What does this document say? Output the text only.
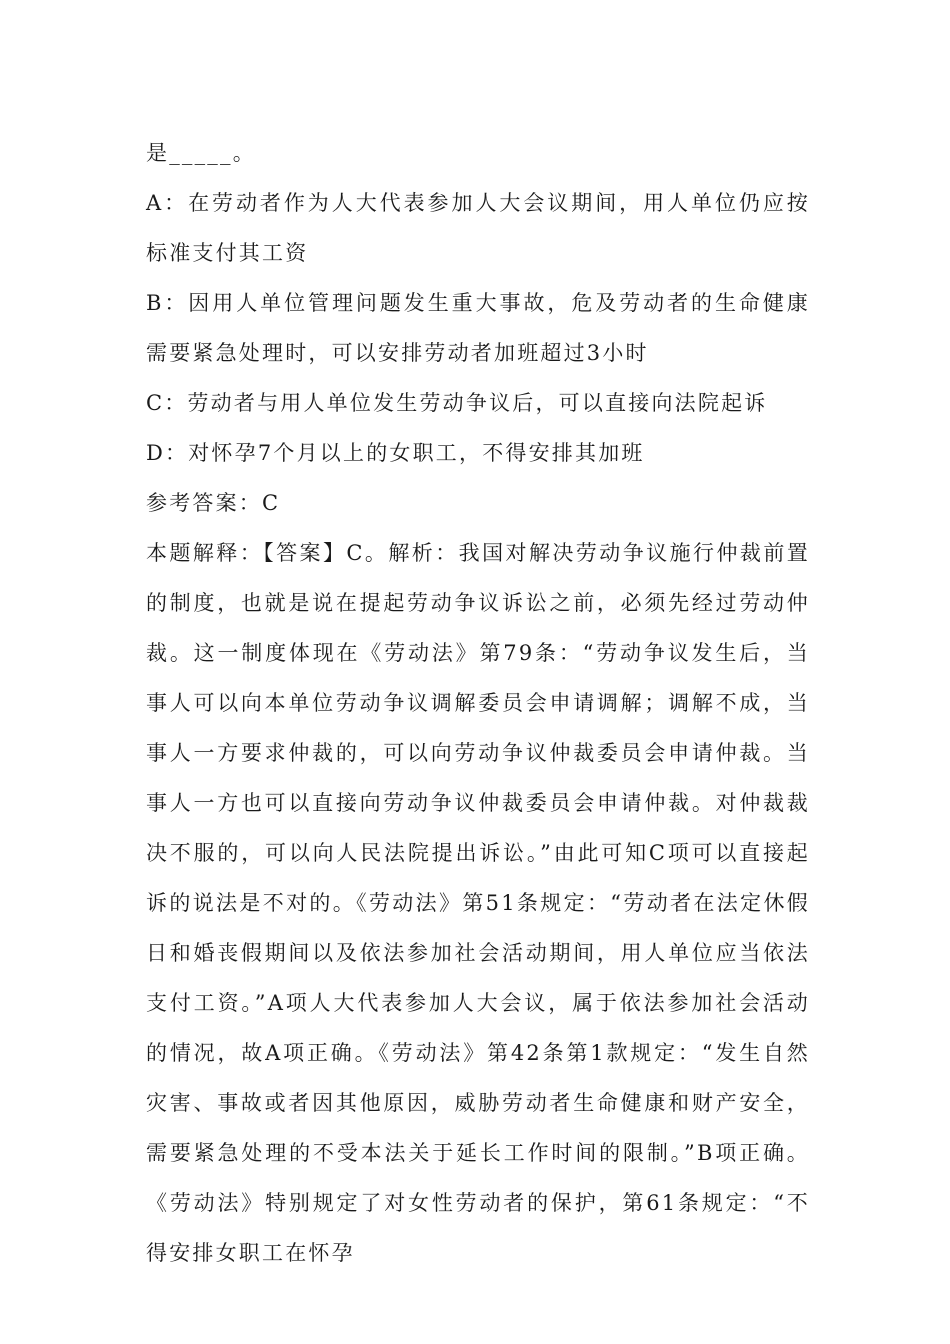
是_____。

A：在劳动者作为人大代表参加人大会议期间，用人单位仍应按标准支付其工资

B：因用人单位管理问题发生重大事故，危及劳动者的生命健康需要紧急处理时，可以安排劳动者加班超过3小时

C：劳动者与用人单位发生劳动争议后，可以直接向法院起诉

D：对怀孕7个月以上的女职工，不得安排其加班

参考答案：C

本题解释：【答案】C。解析：我国对解决劳动争议施行仲裁前置的制度，也就是说在提起劳动争议诉讼之前，必须先经过劳动仲裁。这一制度体现在《劳动法》第79条：“劳动争议发生后，当事人可以向本单位劳动争议调解委员会申请调解；调解不成，当事人一方要求仲裁的，可以向劳动争议仲裁委员会申请仲裁。当事人一方也可以直接向劳动争议仲裁委员会申请仲裁。对仲裁裁决不服的，可以向人民法院提出诉讼。”由此可知C项可以直接起诉的说法是不对的。《劳动法》第51条规定：“劳动者在法定休假日和婚丧假期间以及依法参加社会活动期间，用人单位应当依法支付工资。”A项人大代表参加人大会议，属于依法参加社会活动的情况，故A项正确。《劳动法》第42条第1款规定：“发生自然灾害、事故或者因其他原因，威胁劳动者生命健康和财产安全，需要紧急处理的不受本法关于延长工作时间的限制。”B项正确。《劳动法》特别规定了对女性劳动者的保护，第61条规定：“不得安排女职工在怀孕
